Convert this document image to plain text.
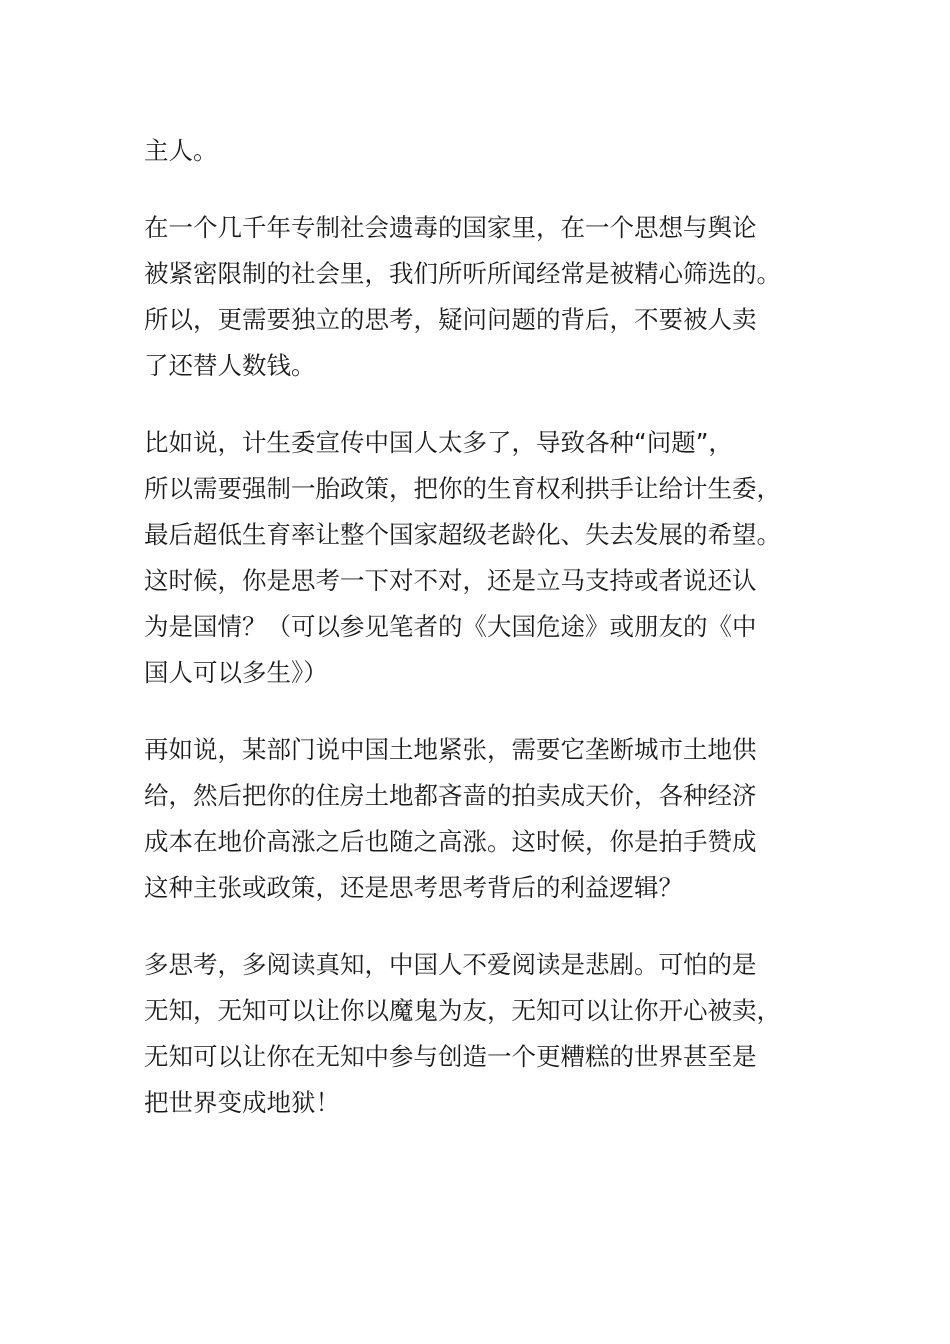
主人。

在一个几千年专制社会遗毒的国家里，在一个思想与舆论
被紧密限制的社会里，我们所听所闻经常是被精心筛选的。
所以，更需要独立的思考，疑问问题的背后，不要被人卖
了还替人数钱。

比如说，计生委宣传中国人太多了，导致各种“问题”，
所以需要强制一胎政策，把你的生育权利拱手让给计生委，
最后超低生育率让整个国家超级老龄化、失去发展的希望。
这时候，你是思考一下对不对，还是立马支持或者说还认
为是国情？（可以参见笔者的《大国危途》或朋友的《中
国人可以多生》）

再如说，某部门说中国土地紧张，需要它垄断城市土地供
给，然后把你的住房土地都吝啬的拍卖成天价，各种经济
成本在地价高涨之后也随之高涨。这时候，你是拍手赞成
这种主张或政策，还是思考思考背后的利益逻辑？

多思考，多阅读真知，中国人不爱阅读是悲剧。可怕的是
无知，无知可以让你以魔鬼为友，无知可以让你开心被卖，
无知可以让你在无知中参与创造一个更糟糕的世界甚至是
把世界变成地狱！
